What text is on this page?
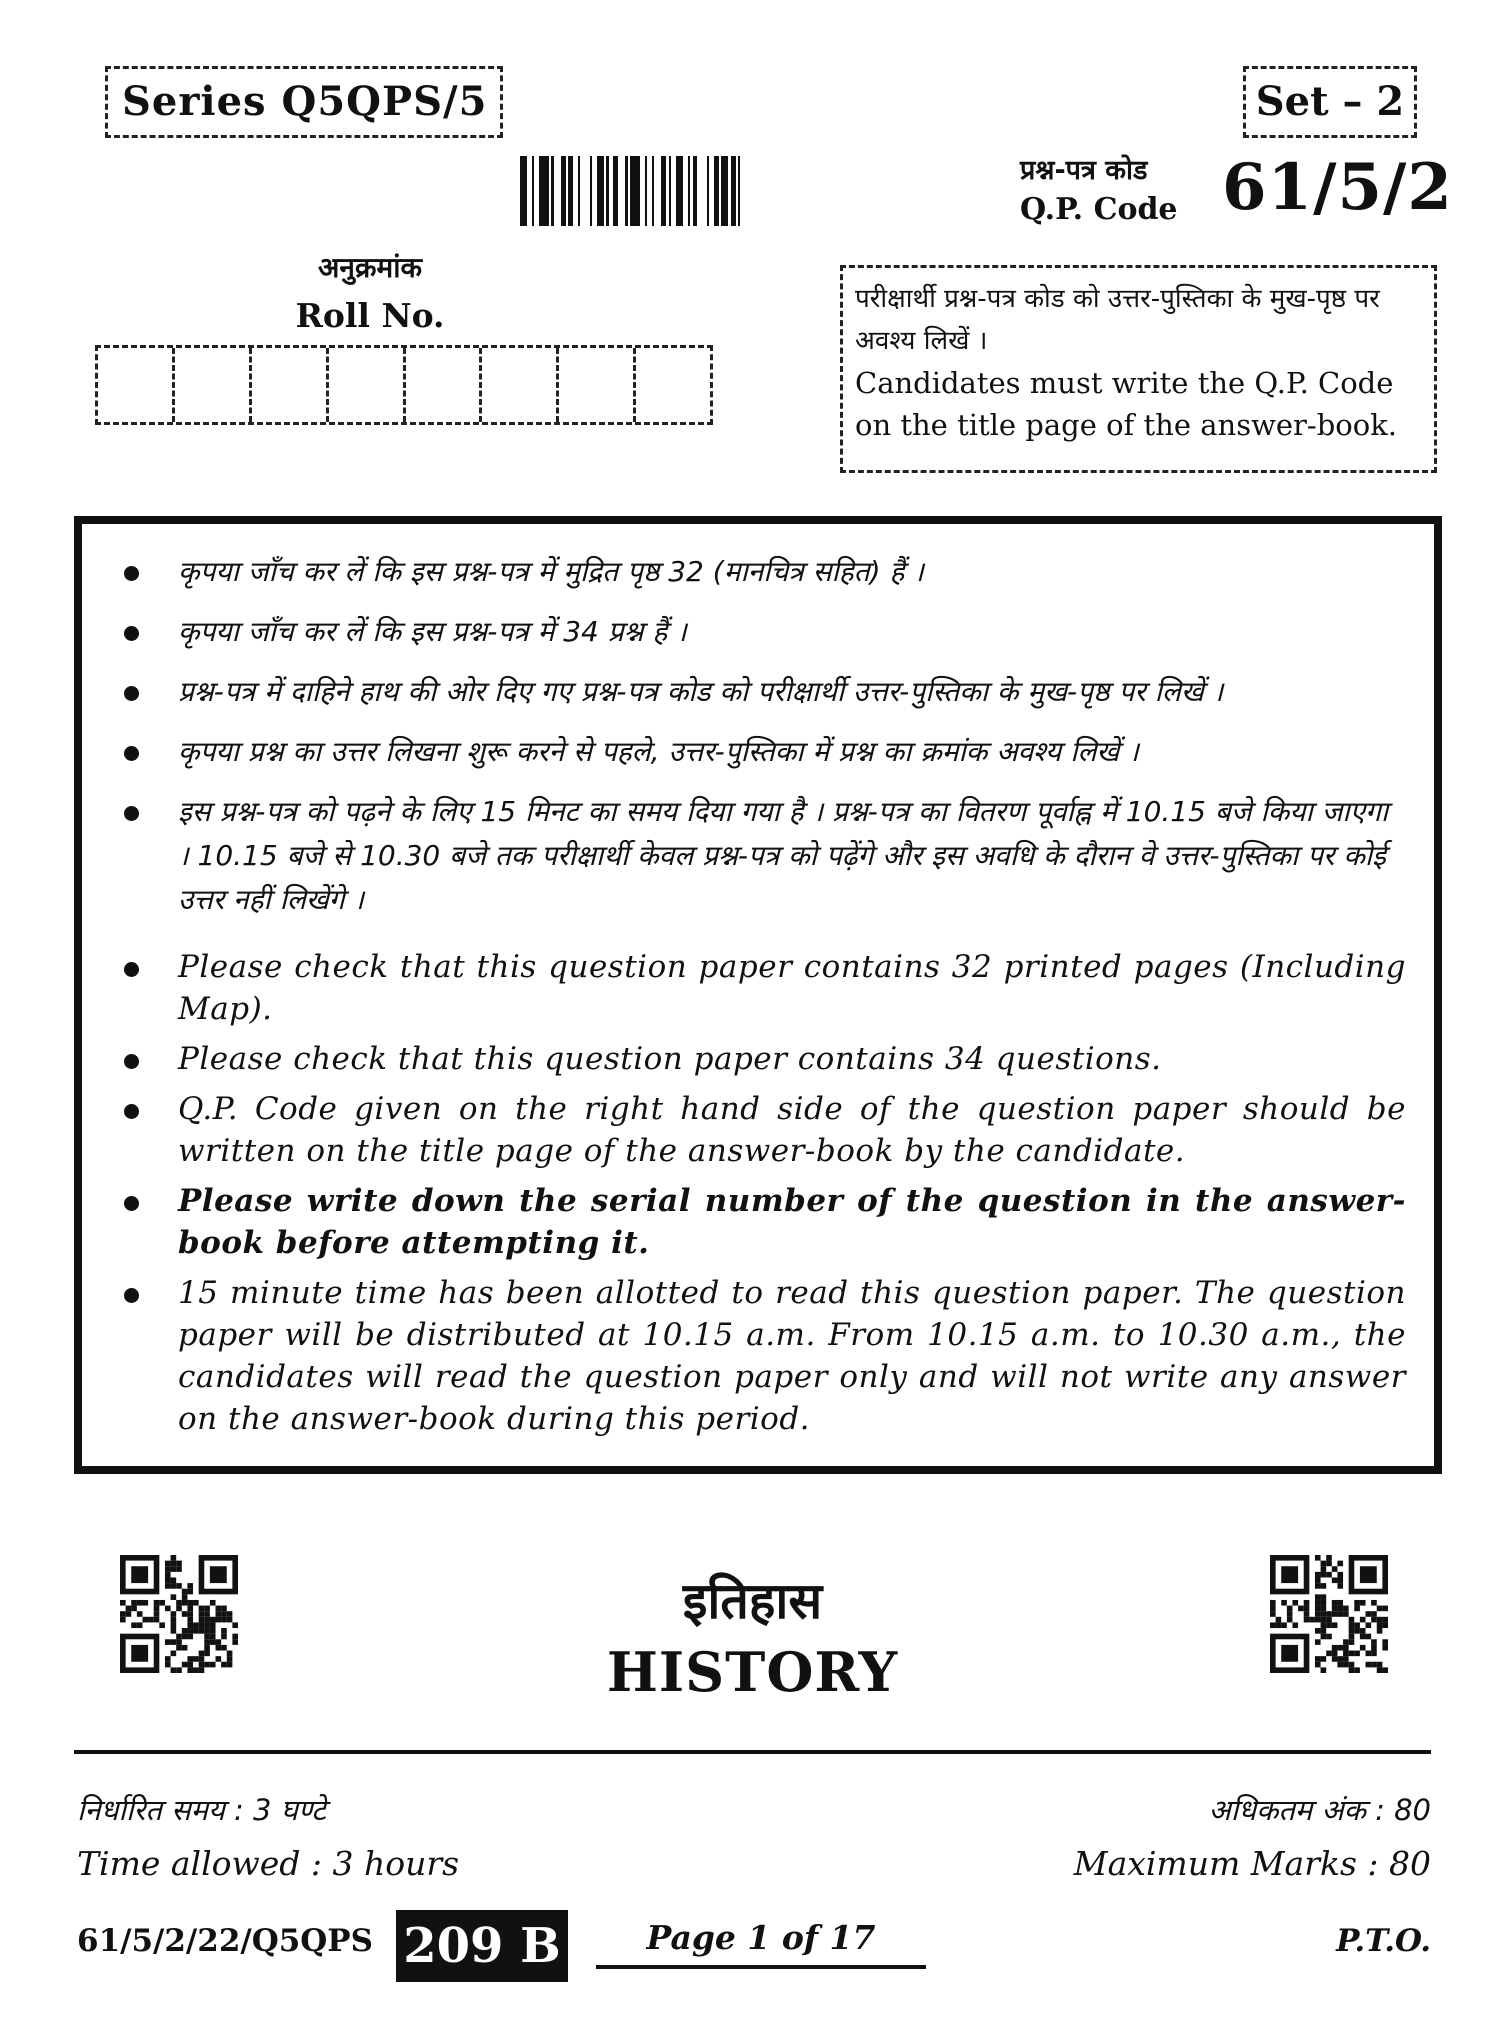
Series Q5QPS/5	Set – 2
प्रश्न-पत्र कोड
Q.P. Code 61/5/2
अनुक्रमांक
Roll No.	परीक्षार्थी प्रश्न-पत्र कोड को उत्तर-पुस्तिका के मुख-पृष्ठ पर अवश्य लिखें ।
Candidates must write the Q.P. Code on the title page of the answer-book.
कृपया जाँच कर लें कि इस प्रश्न-पत्र में मुद्रित पृष्ठ 32 (मानचित्र सहित) हैं ।
कृपया जाँच कर लें कि इस प्रश्न-पत्र में 34 प्रश्न हैं ।
प्रश्न-पत्र में दाहिने हाथ की ओर दिए गए प्रश्न-पत्र कोड को परीक्षार्थी उत्तर-पुस्तिका के मुख-पृष्ठ पर लिखें ।
कृपया प्रश्न का उत्तर लिखना शुरू करने से पहले, उत्तर-पुस्तिका में प्रश्न का क्रमांक अवश्य लिखें ।
इस प्रश्न-पत्र को पढ़ने के लिए 15 मिनट का समय दिया गया है । प्रश्न-पत्र का वितरण पूर्वाह्न में 10.15 बजे किया जाएगा । 10.15 बजे से 10.30 बजे तक परीक्षार्थी केवल प्रश्न-पत्र को पढ़ेंगे और इस अवधि के दौरान वे उत्तर-पुस्तिका पर कोई उत्तर नहीं लिखेंगे ।
Please check that this question paper contains 32 printed pages (Including Map).
Please check that this question paper contains 34 questions.
Q.P. Code given on the right hand side of the question paper should be written on the title page of the answer-book by the candidate.
Please write down the serial number of the question in the answer-book before attempting it.
15 minute time has been allotted to read this question paper. The question paper will be distributed at 10.15 a.m. From 10.15 a.m. to 10.30 a.m., the candidates will read the question paper only and will not write any answer on the answer-book during this period.
इतिहास
HISTORY
निर्धारित समय : 3 घण्टे
Time allowed : 3 hours
अधिकतम अंक : 80
Maximum Marks : 80
61/5/2/22/Q5QPS 209 B	Page 1 of 17	P.T.O.
